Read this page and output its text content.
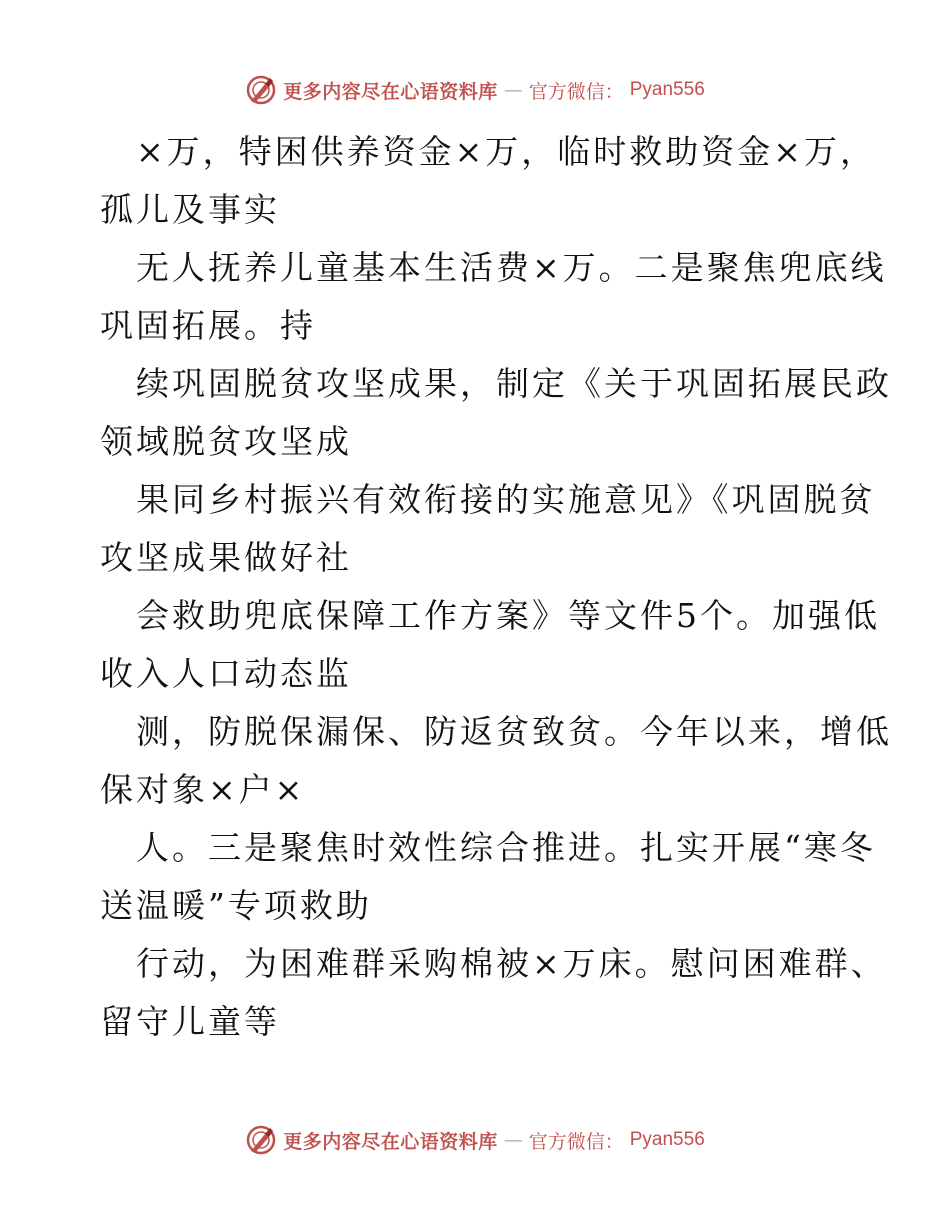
更多内容尽在心语资料库 — 官方微信： Pyan556
×万，特困供养资金×万，临时救助资金×万，
孤儿及事实
无人抚养儿童基本生活费×万。二是聚焦兜底线
巩固拓展。持
续巩固脱贫攻坚成果，制定《关于巩固拓展民政
领域脱贫攻坚成
果同乡村振兴有效衔接的实施意见》《巩固脱贫
攻坚成果做好社
会救助兜底保障工作方案》等文件5个。加强低
收入人口动态监
测，防脱保漏保、防返贫致贫。今年以来，增低
保对象×户×
人。三是聚焦时效性综合推进。扎实开展“寒冬
送温暖”专项救助
行动，为困难群采购棉被×万床。慰问困难群、
留守儿童等
更多内容尽在心语资料库 — 官方微信： Pyan556
